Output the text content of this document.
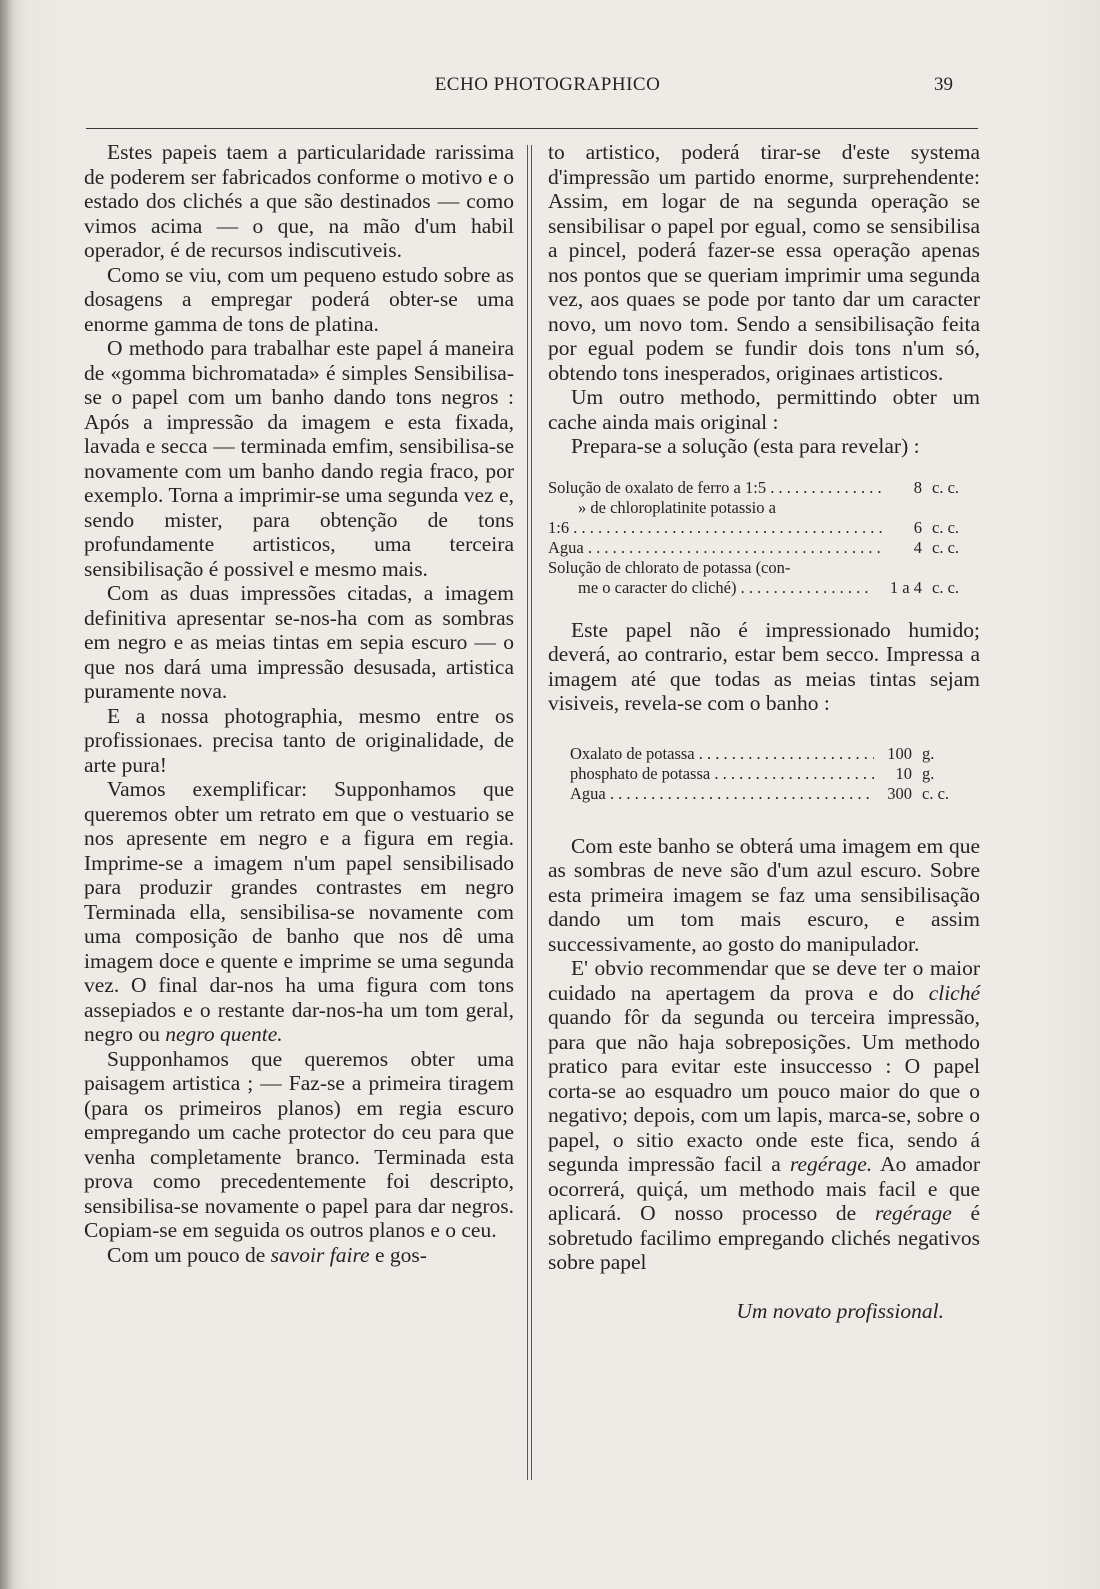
ECHO PHOTOGRAPHICO	39

Estes papeis tаem a particularidade rarissima de poderem ser fabricados conforme o motivo e o estado dos clichés a que são destinados — como vimos acima — o que, na mão d'um habil operador, é de recursos indiscutiveis.

Como se viu, com um pequeno estudo sobre as dosagens a empregar poderá obter-se uma enorme gamma de tons de platina.

O methodo para trabalhar este papel á maneira de «gomma bichromatada» é simples Sensibilisa-se o papel com um banho dando tons negros : Após a impressão da imagem e esta fixada, lavada e secca — terminada emfim, sensibilisa-se novamente com um banho dando regia fraco, por exemplo. Torna a imprimir-se uma segunda vez e, sendo mister, para obtenção de tons profundamente artisticos, uma terceira sensibilisação é possivel e mesmo mais.

Com as duas impressões citadas, a imagem definitiva apresentar se-nos-ha com as sombras em negro e as meias tintas em sepia escuro — o que nos dará uma impressão desusada, artistica puramente nova.

E a nossa photographia, mesmo entre os profissionaes. precisa tanto de originalidade, de arte pura!

Vamos exemplificar: Supponhamos que queremos obter um retrato em que o vestuario se nos apresente em negro e a figura em regia. Imprime-se a imagem n'um papel sensibilisado para produzir grandes contrastes em negro Terminada ella, sensibilisa-se novamente com uma composição de banho que nos dê uma imagem doce e quente e imprime se uma segunda vez. O final dar-nos ha uma figura com tons assepiados e o restante dar-nos-ha um tom geral, negro ou negro quente.

Supponhamos que queremos obter uma paisagem artistica ; — Faz-se a primeira tiragem (para os primeiros planos) em regia escuro empregando um cache protector do ceu para que venha completamente branco. Terminada esta prova como precedentemente foi descripto, sensibilisa-se novamente o papel para dar negros. Copiam-se em seguida os outros planos e o ceu.

Com um pouco de savoir faire e gos-

to artistico, poderá tirar-se d'este systema d'impressão um partido enorme, surprehendente: Assim, em logar de na segunda operação se sensibilisar o pаpel por egual, como se sensibilisa a pincel, poderá fazer-se essa operação apenas nos pontos que se queriam imprimir uma segunda vez, aos quaes se pode por tanto dar um caracter novo, um novo tom. Sendo a sensibilisação feita por egual podem se fundir dois tons n'um só, obtendo tons inesperados, originaes artisticos.

Um outro methodo, permittindo obter um cache ainda mais original :

Prepara-se a solução (esta para revelar) :

Solução de oxalato de ferro a 1:5 . . .	8 c. c.
» de chloroplatinite potassio a
1:6 . . .	6 c. c.
Agua . . .	4 c. c.
Solução de chlorato de potassa (con-
me o caracter do cliché) . . .	1 a 4 c. c.

Este papel não é impressionado humido; deverá, ao contrario, estar bem secco. Impressa a imagem até que todas as meias tintas sejam visiveis, revela-se com o banho :

Oxalato de potassa . . .	100 g.
phosphato de potassa . . .	10 g.
Agua . . .	300 c. c.

Com este banho se obterá uma imagem em que as sombras de neve são d'um azul escuro. Sobre esta primeira imagem se faz uma sensibilisação dando um tom mais escuro, e assim successivamente, ao gosto do manipulador.

E' obvio recommendar que se deve ter o maior cuidado na apertagem da prova e do cliché quando fôr da segunda ou terceira impressão, para que não haja sobreposições. Um methodo pratico para evitar este insuccesso : O papel corta-se ao esquadro um pouco maior do que o negativo; depois, com um lapis, marca-se, sobre o papel, o sitio exacto onde este fica, sendo á segunda impressão facil a regérage. Ao amador ocorrerá, quiçá, um methodo mais facil e que aplicará. O nosso processo de regérage é sobretudo facilimo empregando clichés negativos sobre papel

Um novato profissional.
